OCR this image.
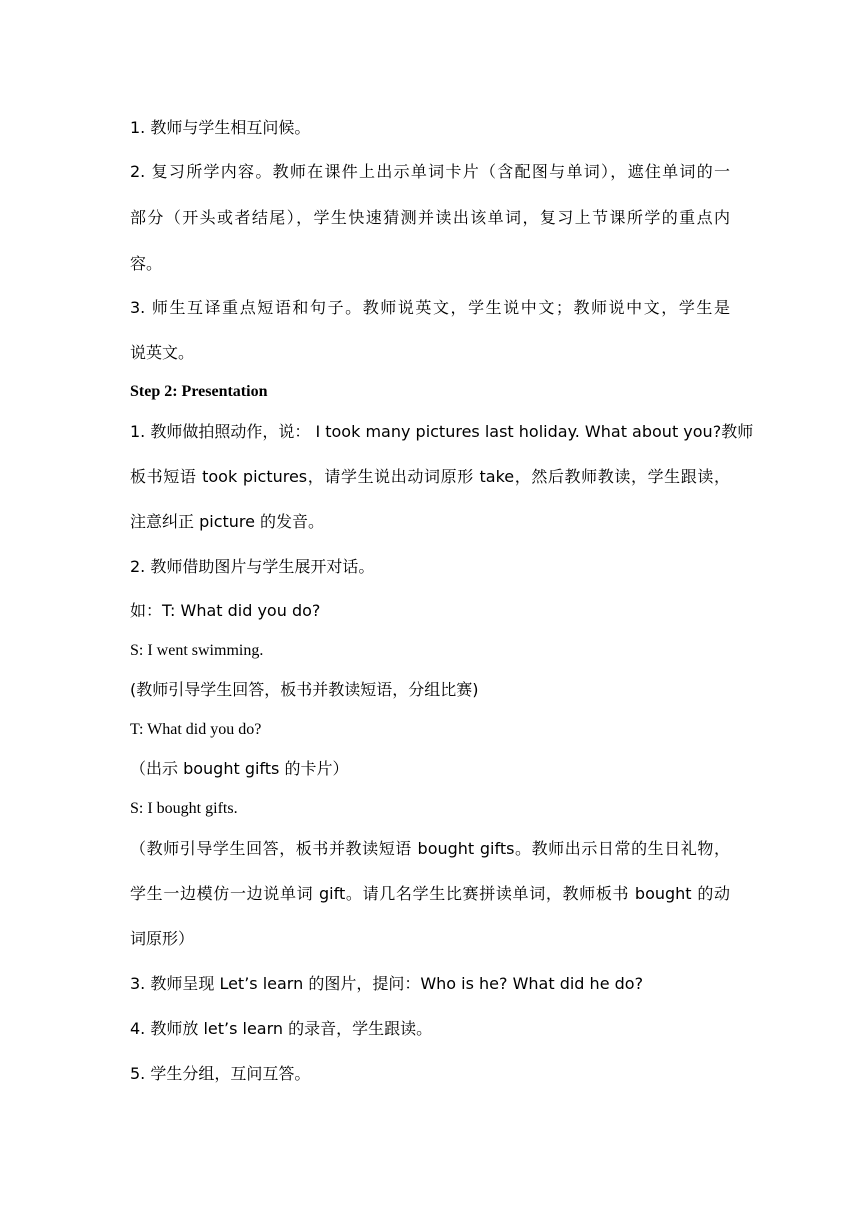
1. 教师与学生相互问候。
2. 复习所学内容。教师在课件上出示单词卡片（含配图与单词），遮住单词的一
部分（开头或者结尾），学生快速猜测并读出该单词，复习上节课所学的重点内
容。
3. 师生互译重点短语和句子。教师说英文，学生说中文；教师说中文，学生是
说英文。
Step 2: Presentation
1. 教师做拍照动作，说： I took many pictures last holiday. What about you?教师
板书短语 took pictures，请学生说出动词原形 take，然后教师教读，学生跟读，
注意纠正 picture 的发音。
2. 教师借助图片与学生展开对话。
如：T: What did you do?
S: I went swimming.
(教师引导学生回答，板书并教读短语，分组比赛)
T: What did you do?
（出示 bought gifts 的卡片）
S: I bought gifts.
（教师引导学生回答，板书并教读短语 bought gifts。教师出示日常的生日礼物，
学生一边模仿一边说单词 gift。请几名学生比赛拼读单词，教师板书 bought 的动
词原形）
3. 教师呈现 Let’s learn 的图片，提问：Who is he? What did he do?
4. 教师放 let’s learn 的录音，学生跟读。
5. 学生分组，互问互答。
